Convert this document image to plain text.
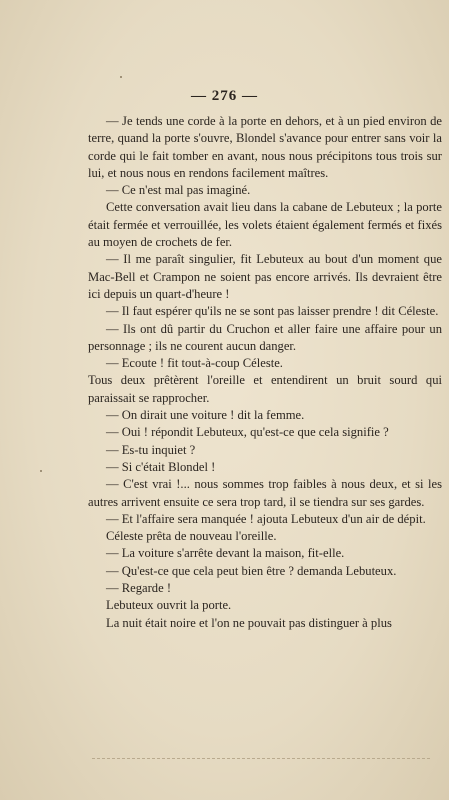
— 276 —

— Je tends une corde à la porte en dehors, et à un pied environ de terre, quand la porte s'ouvre, Blondel s'avance pour entrer sans voir la corde qui le fait tomber en avant, nous nous précipitons tous trois sur lui, et nous nous en rendons facilement maîtres.

— Ce n'est mal pas imaginé.

Cette conversation avait lieu dans la cabane de Lebuteux ; la porte était fermée et verrouillée, les volets étaient également fermés et fixés au moyen de crochets de fer.

— Il me paraît singulier, fit Lebuteux au bout d'un moment que Mac-Bell et Crampon ne soient pas encore arrivés. Ils devraient être ici depuis un quart-d'heure !

— Il faut espérer qu'ils ne se sont pas laisser prendre ! dit Céleste.

— Ils ont dû partir du Cruchon et aller faire une affaire pour un personnage ; ils ne courent aucun danger.

— Ecoute ! fit tout-à-coup Céleste.

Tous deux prêtèrent l'oreille et entendirent un bruit sourd qui paraissait se rapprocher.

— On dirait une voiture ! dit la femme.

— Oui ! répondit Lebuteux, qu'est-ce que cela signifie ?

— Es-tu inquiet ?

— Si c'était Blondel !

— C'est vrai !... nous sommes trop faibles à nous deux, et si les autres arrivent ensuite ce sera trop tard, il se tiendra sur ses gardes.

— Et l'affaire sera manquée ! ajouta Lebuteux d'un air de dépit.

Céleste prêta de nouveau l'oreille.

— La voiture s'arrête devant la maison, fit-elle.

— Qu'est-ce que cela peut bien être ? demanda Lebuteux.

— Regarde !

Lebuteux ouvrit la porte.

La nuit était noire et l'on ne pouvait pas distinguer à plus
